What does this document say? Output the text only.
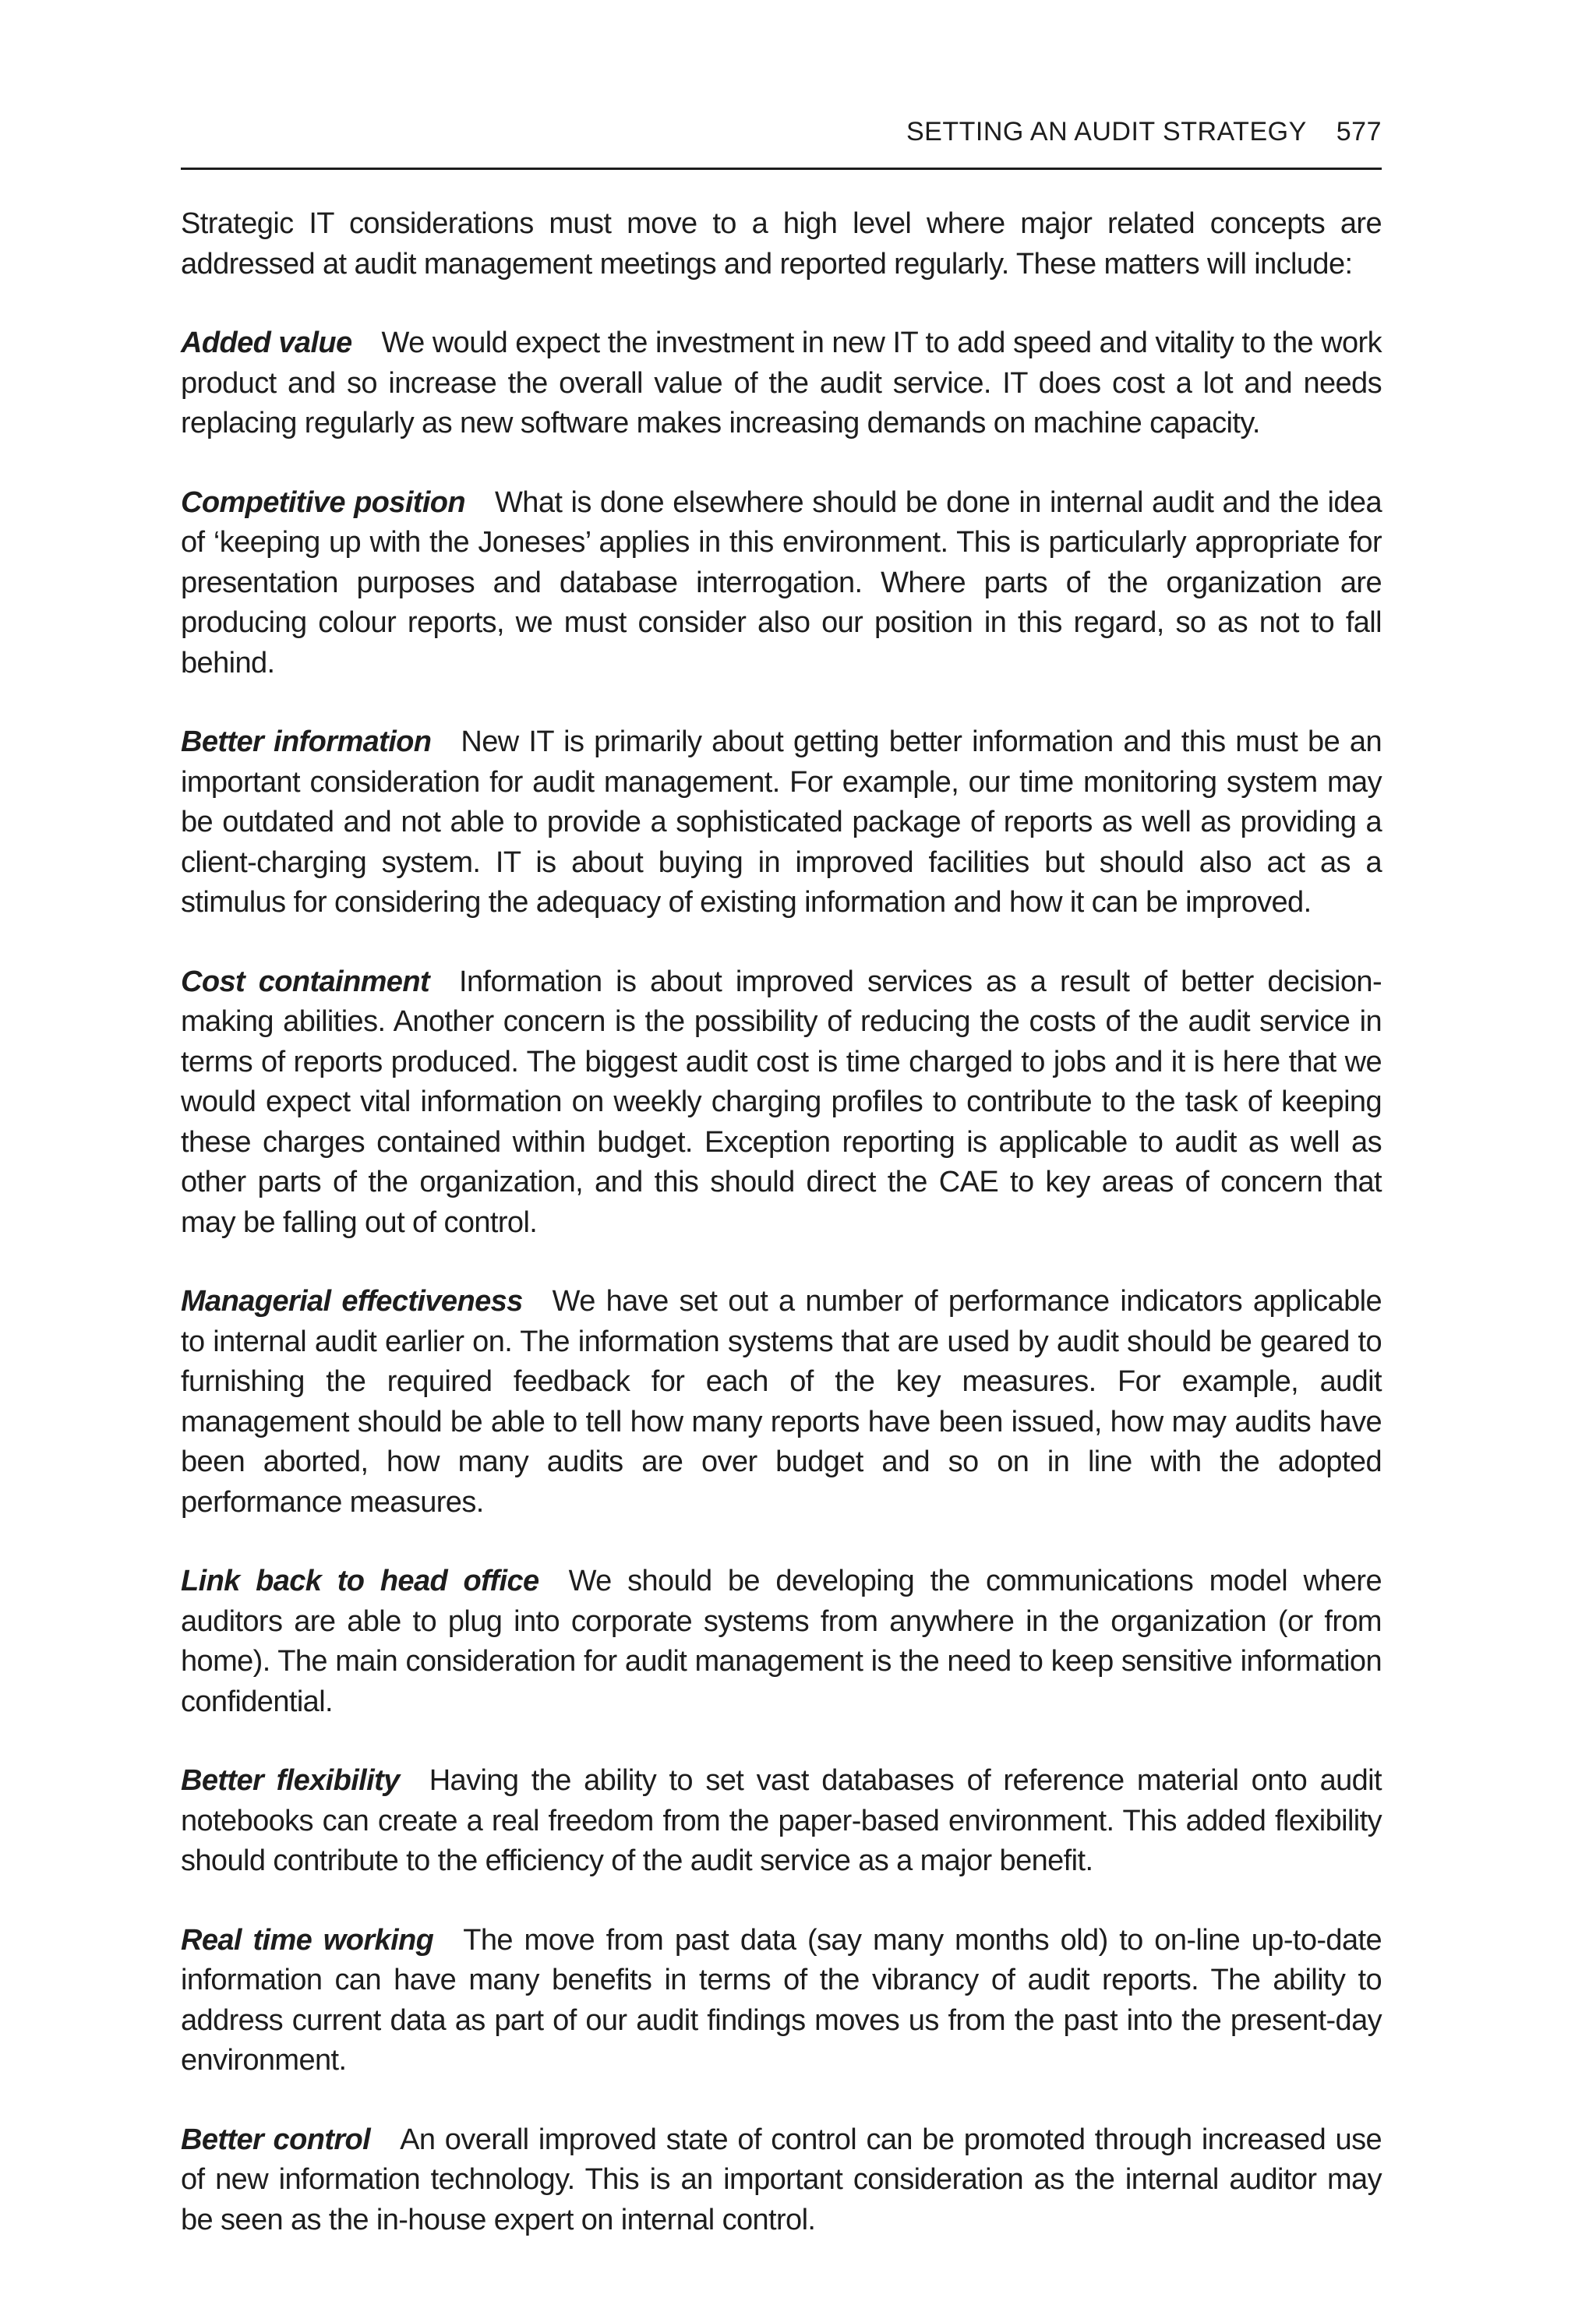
SETTING AN AUDIT STRATEGY 577

Strategic IT considerations must move to a high level where major related concepts are addressed at audit management meetings and reported regularly. These matters will include:

Added value We would expect the investment in new IT to add speed and vitality to the work product and so increase the overall value of the audit service. IT does cost a lot and needs replacing regularly as new software makes increasing demands on machine capacity.

Competitive position What is done elsewhere should be done in internal audit and the idea of ‘keeping up with the Joneses’ applies in this environment. This is particularly appropriate for presentation purposes and database interrogation. Where parts of the organization are producing colour reports, we must consider also our position in this regard, so as not to fall behind.

Better information New IT is primarily about getting better information and this must be an important consideration for audit management. For example, our time monitoring system may be outdated and not able to provide a sophisticated package of reports as well as providing a client-charging system. IT is about buying in improved facilities but should also act as a stimulus for considering the adequacy of existing information and how it can be improved.

Cost containment Information is about improved services as a result of better decision-making abilities. Another concern is the possibility of reducing the costs of the audit service in terms of reports produced. The biggest audit cost is time charged to jobs and it is here that we would expect vital information on weekly charging profiles to contribute to the task of keeping these charges contained within budget. Exception reporting is applicable to audit as well as other parts of the organization, and this should direct the CAE to key areas of concern that may be falling out of control.

Managerial effectiveness We have set out a number of performance indicators applicable to internal audit earlier on. The information systems that are used by audit should be geared to furnishing the required feedback for each of the key measures. For example, audit management should be able to tell how many reports have been issued, how may audits have been aborted, how many audits are over budget and so on in line with the adopted performance measures.

Link back to head office We should be developing the communications model where auditors are able to plug into corporate systems from anywhere in the organization (or from home). The main consideration for audit management is the need to keep sensitive information confidential.

Better flexibility Having the ability to set vast databases of reference material onto audit notebooks can create a real freedom from the paper-based environment. This added flexibility should contribute to the efficiency of the audit service as a major benefit.

Real time working The move from past data (say many months old) to on-line up-to-date information can have many benefits in terms of the vibrancy of audit reports. The ability to address current data as part of our audit findings moves us from the past into the present-day environment.

Better control An overall improved state of control can be promoted through increased use of new information technology. This is an important consideration as the internal auditor may be seen as the in-house expert on internal control.
